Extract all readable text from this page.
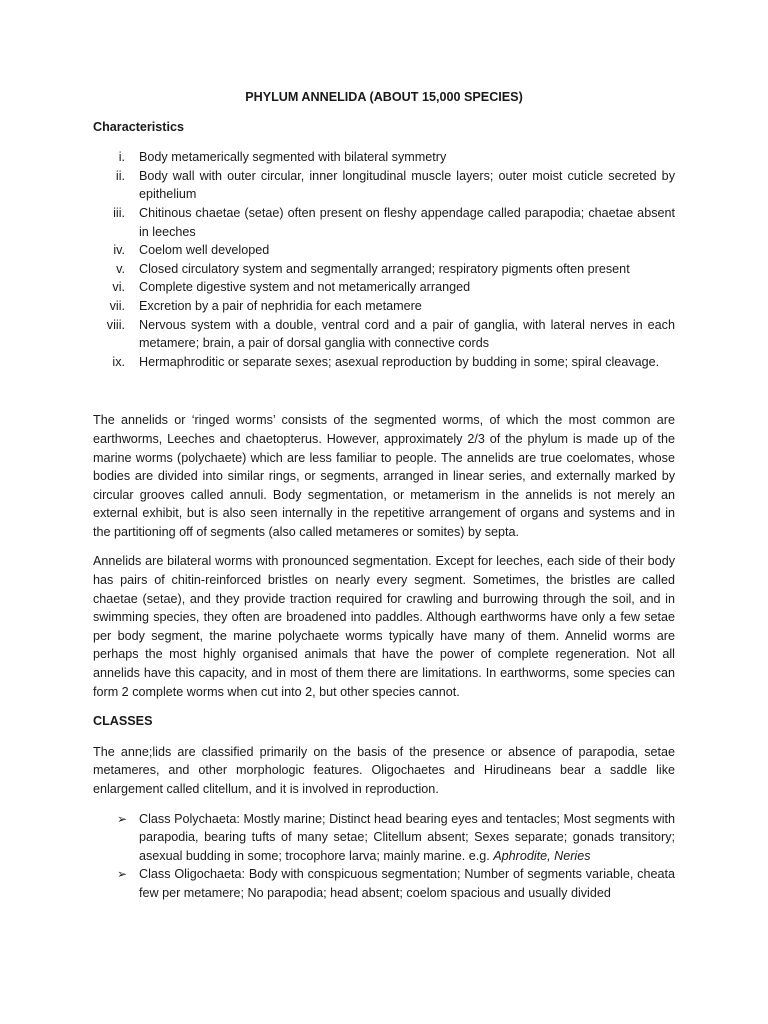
PHYLUM ANNELIDA (ABOUT 15,000 SPECIES)

Characteristics

i.	Body metamerically segmented with bilateral symmetry
ii.	Body wall with outer circular, inner longitudinal muscle layers; outer moist cuticle secreted by epithelium
iii.	Chitinous chaetae (setae) often present on fleshy appendage called parapodia; chaetae absent in leeches
iv.	Coelom well developed
v.	Closed circulatory system and segmentally arranged; respiratory pigments often present
vi.	Complete digestive system and not metamerically arranged
vii.	Excretion by a pair of nephridia for each metamere
viii.	Nervous system with a double, ventral cord and a pair of ganglia, with lateral nerves in each metamere; brain, a pair of dorsal ganglia with connective cords
ix.	Hermaphroditic or separate sexes; asexual reproduction by budding in some; spiral cleavage.

The annelids or ‘ringed worms’ consists of the segmented worms, of which the most common are earthworms, Leeches and chaetopterus. However, approximately 2/3 of the phylum is made up of the marine worms (polychaete) which are less familiar to people. The annelids are true coelomates, whose bodies are divided into similar rings, or segments, arranged in linear series, and externally marked by circular grooves called annuli. Body segmentation, or metamerism in the annelids is not merely an external exhibit, but is also seen internally in the repetitive arrangement of organs and systems and in the partitioning off of segments (also called metameres or somites) by septa.

Annelids are bilateral worms with pronounced segmentation. Except for leeches, each side of their body has pairs of chitin-reinforced bristles on nearly every segment. Sometimes, the bristles are called chaetae (setae), and they provide traction required for crawling and burrowing through the soil, and in swimming species, they often are broadened into paddles. Although earthworms have only a few setae per body segment, the marine polychaete worms typically have many of them. Annelid worms are perhaps the most highly organised animals that have the power of complete regeneration. Not all annelids have this capacity, and in most of them there are limitations. In earthworms, some species can form 2 complete worms when cut into 2, but other species cannot.

CLASSES

The anne;lids are classified primarily on the basis of the presence or absence of parapodia, setae metameres, and other morphologic features. Oligochaetes and Hirudineans bear a saddle like enlargement called clitellum, and it is involved in reproduction.

➢ Class Polychaeta: Mostly marine; Distinct head bearing eyes and tentacles; Most segments with parapodia, bearing tufts of many setae; Clitellum absent; Sexes separate; gonads transitory; asexual budding in some; trocophore larva; mainly marine. e.g. Aphrodite, Neries
➢ Class Oligochaeta: Body with conspicuous segmentation; Number of segments variable, cheata few per metamere; No parapodia; head absent; coelom spacious and usually divided
